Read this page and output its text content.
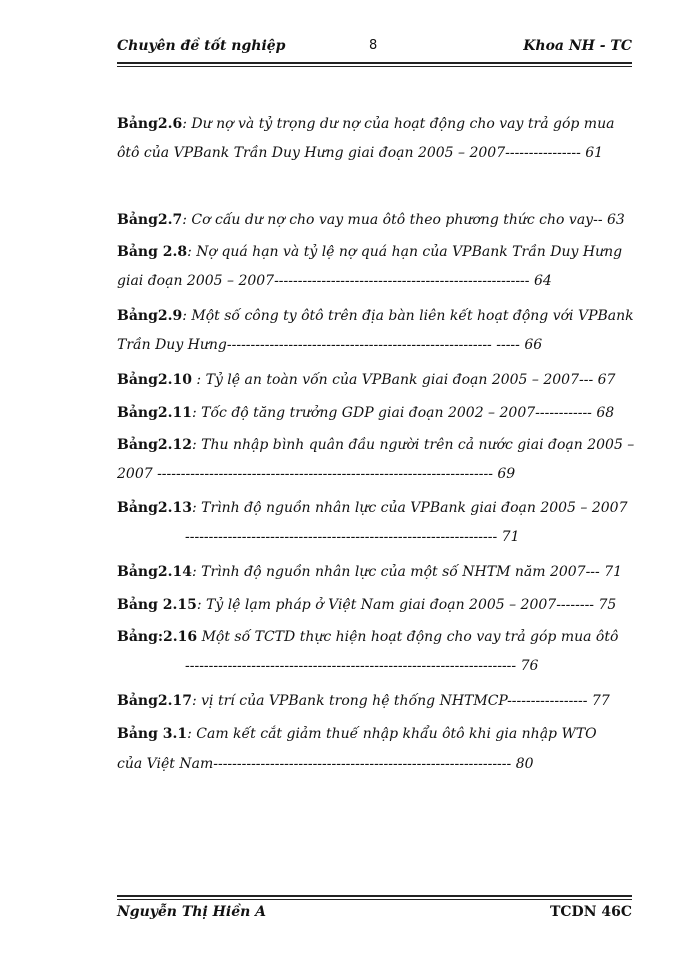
Chuyên đề tốt nghiệp	8	Khoa NH - TC
Bảng2.6: Dư nợ và tỷ trọng dư nợ của hoạt động cho vay trả góp mua
ôtô của VPBank Trần Duy Hưng giai đoạn 2005 – 2007---------------- 61
Bảng2.7: Cơ cấu dư nợ cho vay mua ôtô theo phương thức cho vay-- 63
Bảng 2.8: Nợ quá hạn và tỷ lệ nợ quá hạn của VPBank Trần Duy Hưng
giai đoạn 2005 – 2007------------------------------------------------------ 64
Bảng2.9: Một số công ty ôtô trên địa bàn liên kết hoạt động với VPBank
Trần Duy Hưng-------------------------------------------------------- ----- 66
Bảng2.10 : Tỷ lệ an toàn vốn của VPBank giai đoạn 2005 – 2007--- 67
Bảng2.11: Tốc độ tăng trưởng GDP giai đoạn 2002 – 2007------------ 68
Bảng2.12: Thu nhập bình quân đầu người trên cả nước giai đoạn 2005 –
2007 ----------------------------------------------------------------------- 69
Bảng2.13: Trình độ nguồn nhân lực của VPBank giai đoạn 2005 – 2007
------------------------------------------------------------------ 71
Bảng2.14: Trình độ nguồn nhân lực của một số NHTM năm 2007--- 71
Bảng 2.15: Tỷ lệ lạm pháp ở Việt Nam giai đoạn 2005 – 2007-------- 75
Bảng:2.16 Một số TCTD thực hiện hoạt động cho vay trả góp mua ôtô
---------------------------------------------------------------------- 76
Bảng2.17: vị trí của VPBank trong hệ thống NHTMCP----------------- 77
Bảng 3.1: Cam kết cắt giảm thuế nhập khẩu ôtô khi gia nhập WTO
của Việt Nam--------------------------------------------------------------- 80
Nguyễn Thị Hiền A	TCDN 46C
